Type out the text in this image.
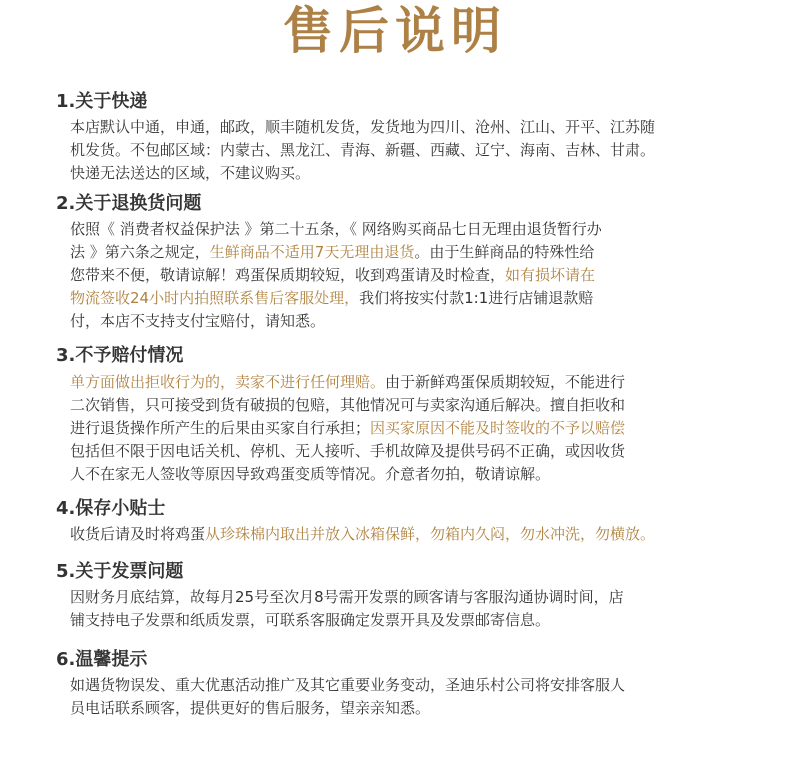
售后说明
1.关于快递
本店默认中通，申通，邮政，顺丰随机发货，发货地为四川、沧州、江山、开平、江苏随
机发货。不包邮区域：内蒙古、黑龙江、青海、新疆、西藏、辽宁、海南、吉林、甘肃。
快递无法送达的区域，不建议购买。
2.关于退换货问题
依照《 消费者权益保护法 》第二十五条，《 网络购买商品七日无理由退货暂行办
法 》第六条之规定，生鲜商品不适用7天无理由退货。由于生鲜商品的特殊性给
您带来不便，敬请谅解！鸡蛋保质期较短，收到鸡蛋请及时检查，如有损坏请在
物流签收24小时内拍照联系售后客服处理，我们将按实付款1:1进行店铺退款赔
付，本店不支持支付宝赔付，请知悉。
3.不予赔付情况
单方面做出拒收行为的，卖家不进行任何理赔。由于新鲜鸡蛋保质期较短，不能进行
二次销售，只可接受到货有破损的包赔，其他情况可与卖家沟通后解决。擅自拒收和
进行退货操作所产生的后果由买家自行承担；因买家原因不能及时签收的不予以赔偿
包括但不限于因电话关机、停机、无人接听、手机故障及提供号码不正确，或因收货
人不在家无人签收等原因导致鸡蛋变质等情况。介意者勿拍，敬请谅解。
4.保存小贴士
收货后请及时将鸡蛋从珍珠棉内取出并放入冰箱保鲜，勿箱内久闷，勿水冲洗，勿横放。
5.关于发票问题
因财务月底结算，故每月25号至次月8号需开发票的顾客请与客服沟通协调时间，店
铺支持电子发票和纸质发票，可联系客服确定发票开具及发票邮寄信息。
6.温馨提示
如遇货物误发、重大优惠活动推广及其它重要业务变动，圣迪乐村公司将安排客服人
员电话联系顾客，提供更好的售后服务，望亲亲知悉。
